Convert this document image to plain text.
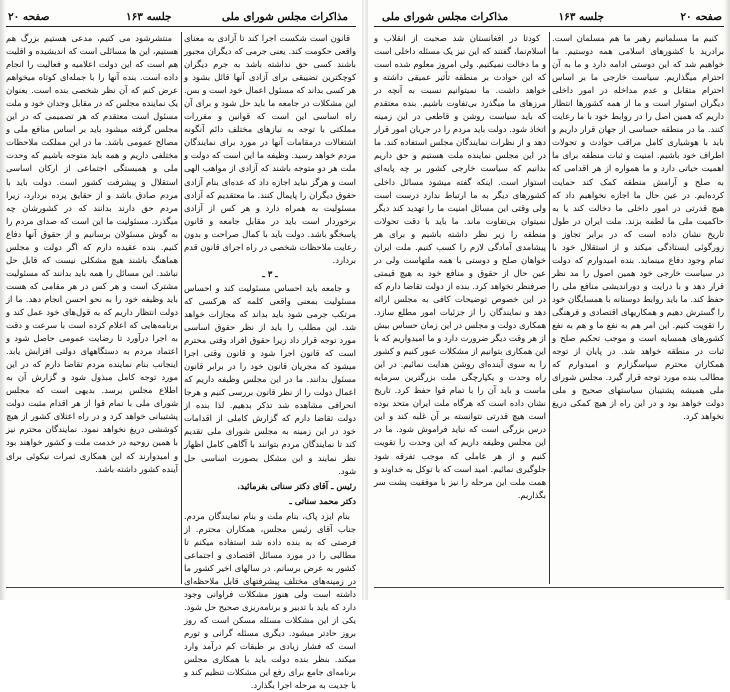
صفحه ۲۰	جلسه ۱۶۳	مذاکرات مجلس شورای ملی

قانون است شکست اجرا کند تا آزادی به معنای واقعی حکومت کند. یعنی جرمی که دیگران مجبور باشند کسی حق نداشته باشد به جرم دیگران کوچکترین تضییقی برای آزادی آنها قائل بشود و هر کسی بداند که مسئول اعمال خود است و بس. این مشکلات در جامعه ما باید حل شود و برای آن راه اساسی این است که قوانین و مقررات مملکتی با توجه به نیازهای مختلف دائم آنگونه اشتغالات درمقامات آنها در مورد برای نمایندگان مردم خواهد رسید. وظیفه ما این است که دولت و ملت هر دو متوجه باشند که آزادی از مواهب الهی است و هرگز نباید اجازه داد که عده‌ای بنام آزادی حقوق دیگران را پایمال کنند. ما معتقدیم که آزادی مسئولیت به همراه دارد و هر کس از آزادی برخوردار است باید در مقابل جامعه و قانون پاسخگو باشد. دولت باید با کمال صراحت و بدون رعایت ملاحظات شخصی در راه اجرای قانون قدم بردارد.

ـ ۳ ـ

و جامعه باید احساس مسئولیت کند و احساس مسئولیت بمعنی واقعی کلمه که هرکسی که مرتکب جرمی شود باید بداند که مجازات خواهد شد. این مطلب را باید از نظر حقوق اساسی مورد توجه قرار داد زیرا حقوق افراد وقتی محترم است که قانون اجرا شود و قانون وقتی اجرا میشود که مجریان قانون خود را در برابر قانون مسئول بدانند. ما در این مجلس وظیفه داریم که اعمال دولت را از نظر قانون بررسی کنیم و هرجا انحرافی مشاهده شد تذکر بدهیم. لذا بنده از دولت تقاضا دارم که گزارش کاملی از اقدامات خود در این زمینه به مجلس شورای ملی تقدیم کند تا نمایندگان مردم بتوانند با آگاهی کامل اظهار نظر نمایند و این مشکل بصورت اساسی حل شود.

رئیس ـ آقای دکتر سناتی بفرمائید.

دکتر محمد سناتی ـ

بنام ایزد پاک، بنام ملت و بنام نمایندگان مردم. جناب آقای رئیس مجلس، همکاران محترم. از فرصتی که به بنده داده شد استفاده میکنم تا مطالبی را در مورد مسائل اقتصادی و اجتماعی کشور به عرض برسانم. در سالهای اخیر کشور ما در زمینه‌های مختلف پیشرفتهای قابل ملاحظه‌ای داشته است ولی هنوز مشکلات فراوانی وجود دارد که باید با تدبیر و برنامه‌ریزی صحیح حل شود. یکی از این مشکلات مسئله مسکن است که روز بروز حادتر میشود. دیگری مسئله گرانی و تورم است که فشار زیادی بر طبقات کم درآمد وارد میکند. بنظر بنده دولت باید با همکاری مجلس برنامه‌ای جامع برای رفع این مشکلات تنظیم کند و با جدیت به مرحله اجرا بگذارد.

منتشرشود می کنیم، مدعی هستیم بزرگ هم هستیم، این ها مسائلی است که اندیشیده و اقلیت هم است که این دولت اعلامیه و فعالیت را انجام داده است. بنده آنها را با جمله‌ای کوتاه میخواهم عرض کنم که آن نظر شخصی بنده است. بعنوان یک نماینده مجلس که در مقابل وجدان خود و ملت مسئول است معتقدم که هر تصمیمی که در این مجلس گرفته میشود باید بر اساس منافع ملی و مصالح عمومی باشد. ما در این مملکت ملاحظات مختلفی داریم و همه باید متوجه باشیم که وحدت ملی و همبستگی اجتماعی از ارکان اساسی استقلال و پیشرفت کشور است. دولت باید با مردم صادق باشد و از حقایق پرده بردارد، زیرا مردم حق دارند بدانند که در کشورشان چه میگذرد. مسئولیت ما این است که صدای مردم را به گوش مسئولان برسانیم و از حقوق آنها دفاع کنیم. بنده عقیده دارم که اگر دولت و مجلس هماهنگ باشند هیچ مشکلی نیست که قابل حل نباشد. این مسائل را همه باید بدانند که مسئولیت مشترک است و هر کس در هر مقامی که هست باید وظیفه خود را به نحو احسن انجام دهد. ما از دولت انتظار داریم که به قول‌های خود عمل کند و برنامه‌هایی که اعلام کرده است با سرعت و دقت به اجرا درآورد تا رضایت عمومی حاصل شود و اعتماد مردم به دستگاههای دولتی افزایش یابد. اینجانب بنام نماینده مردم تقاضا دارم که در این مورد توجه کامل مبذول شود و گزارش آن به اطلاع مجلس برسد. بدیهی است که مجلس شورای ملی با تمام قوا از هر اقدام مثبت دولت پشتیبانی خواهد کرد و در راه اعتلای کشور از هیچ کوششی دریغ نخواهد نمود. نمایندگان محترم نیز با همین روحیه در خدمت ملت و کشور خواهند بود و امیدوارند که این همکاری ثمرات نیکوئی برای آینده کشور داشته باشد.

صفحه ۲۰
جلسه ۱۶۳
مذاکرات مجلس شورای ملی

کنیم ما مسلمانیم رهبر ما هم مسلمان است. برادرید با کشورهای اسلامی همه دوستیم. ما خواهیم شد که این دوستی ادامه دارد و ما به آن احترام میگذاریم. سیاست خارجی ما بر اساس احترام متقابل و عدم مداخله در امور داخلی دیگران استوار است و ما از همه کشورها انتظار داریم که همین اصل را در روابط خود با ما رعایت کنند. ما در منطقه حساسی از جهان قرار داریم و باید با هوشیاری کامل مراقب حوادث و تحولات اطراف خود باشیم. امنیت و ثبات منطقه برای ما اهمیت حیاتی دارد و ما همواره از هر اقدامی که به صلح و آرامش منطقه کمک کند حمایت کرده‌ایم. در عین حال ما اجازه نخواهیم داد که هیچ قدرتی در امور داخلی ما دخالت کند یا به حاکمیت ملی ما لطمه بزند. ملت ایران در طول تاریخ نشان داده است که در برابر تجاوز و زورگوئی ایستادگی میکند و از استقلال خود با تمام وجود دفاع مینماید. بنده امیدوارم که دولت در سیاست خارجی خود همین اصول را مد نظر قرار دهد و با درایت و دوراندیشی منافع ملی را حفظ کند. ما باید روابط دوستانه با همسایگان خود را گسترش دهیم و همکاریهای اقتصادی و فرهنگی را تقویت کنیم. این امر هم به نفع ما و هم به نفع کشورهای همسایه است و موجب تحکیم صلح و ثبات در منطقه خواهد شد. در پایان از توجه همکاران محترم سپاسگزارم و امیدوارم که مطالب بنده مورد توجه قرار گیرد. مجلس شورای ملی همیشه پشتیبان سیاستهای صحیح و ملی دولت خواهد بود و در این راه از هیچ کمکی دریغ نخواهد کرد.

کودتا در افغانستان شد صحبت از انقلاب و اسلام‌نما، گفتند که این نیز یک مسئله داخلی است و ما دخالت نمیکنیم. ولی امروز معلوم شده است که این حوادث بر منطقه تأثیر عمیقی داشته و خواهد داشت. ما نمیتوانیم نسبت به آنچه در مرزهای ما میگذرد بی‌تفاوت باشیم. بنده معتقدم که باید سیاست روشن و قاطعی در این زمینه اتخاذ شود. دولت باید مردم را در جریان امور قرار دهد و از نظرات نمایندگان مجلس استفاده کند. ما در این مجلس نماینده ملت هستیم و حق داریم بدانیم که سیاست خارجی کشور بر چه پایه‌ای استوار است. اینکه گفته میشود مسائل داخلی کشورهای دیگر به ما ارتباط ندارد درست است ولی وقتی این مسائل امنیت ما را تهدید کند دیگر نمیتوان بی‌تفاوت ماند. ما باید با دقت تحولات منطقه را زیر نظر داشته باشیم و برای هر پیشامدی آمادگی لازم را کسب کنیم. ملت ایران خواهان صلح و دوستی با همه ملتهاست ولی در عین حال از حقوق و منافع خود به هیچ قیمتی صرفنظر نخواهد کرد. بنده از دولت تقاضا دارم که در این خصوص توضیحات کافی به مجلس ارائه دهد و نمایندگان را از جزئیات امور مطلع سازد. همکاری دولت و مجلس در این زمان حساس بیش از هر وقت دیگر ضرورت دارد و ما امیدواریم که با این همکاری بتوانیم از مشکلات عبور کنیم و کشور را به سوی آینده‌ای روشن هدایت نمائیم. در این راه وحدت و یکپارچگی ملت بزرگترین سرمایه ماست و باید آن را با تمام قوا حفظ کرد. تاریخ نشان داده است که هرگاه ملت ایران متحد بوده است هیچ قدرتی نتوانسته بر آن غلبه کند و این درس بزرگی است که نباید فراموش شود. ما در این مجلس وظیفه داریم که این وحدت را تقویت کنیم و از هر عاملی که موجب تفرقه شود جلوگیری نمائیم. امید است که با توکل به خداوند و همت ملت این مرحله را نیز با موفقیت پشت سر بگذاریم.
